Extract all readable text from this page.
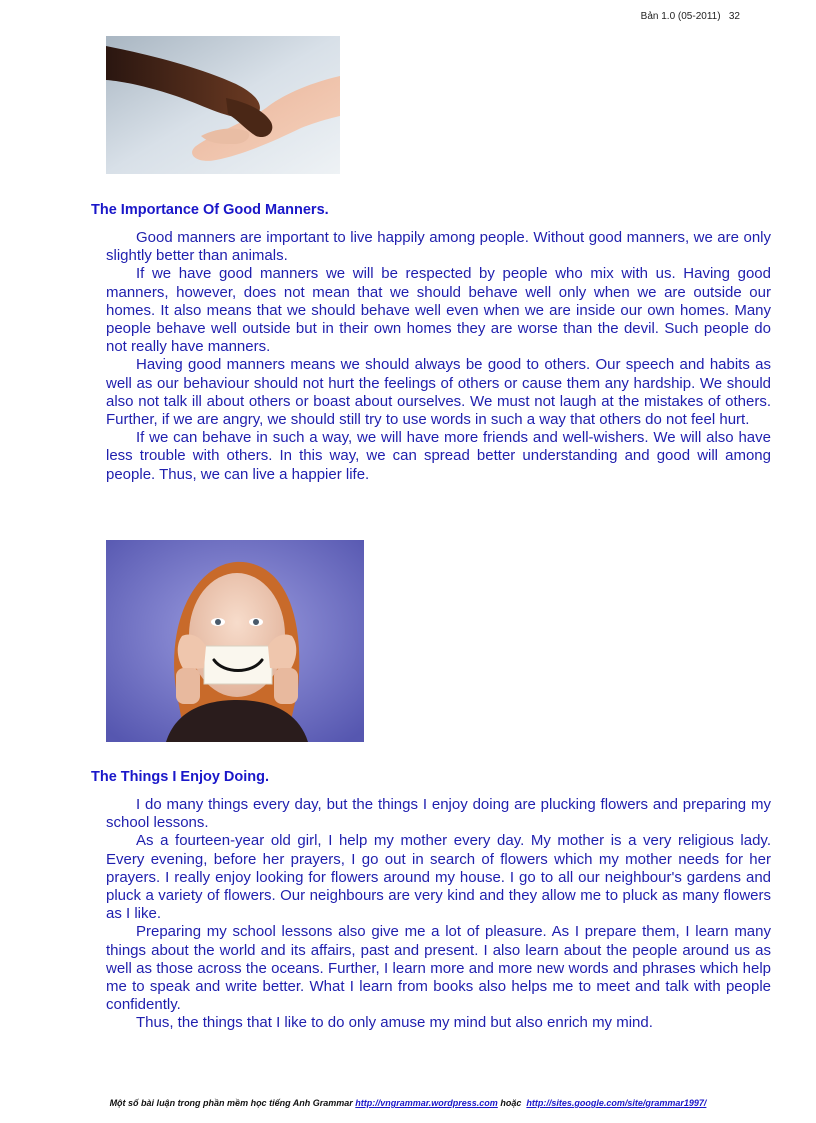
Bản 1.0 (05-2011) 32
The Importance Of Good Manners.

Good manners are important to live happily among people. Without good manners, we are only slightly better than animals.

If we have good manners we will be respected by people who mix with us. Having good manners, however, does not mean that we should behave well only when we are outside our homes. It also means that we should behave well even when we are inside our own homes. Many people behave well outside but in their own homes they are worse than the devil. Such people do not really have manners.

Having good manners means we should always be good to others. Our speech and habits as well as our behaviour should not hurt the feelings of others or cause them any hardship. We should also not talk ill about others or boast about ourselves. We must not laugh at the mistakes of others. Further, if we are angry, we should still try to use words in such a way that others do not feel hurt.

If we can behave in such a way, we will have more friends and well-wishers. We will also have less trouble with others. In this way, we can spread better understanding and good will among people. Thus, we can live a happier life.

The Things I Enjoy Doing.

I do many things every day, but the things I enjoy doing are plucking flowers and preparing my school lessons.

As a fourteen-year old girl, I help my mother every day. My mother is a very religious lady. Every evening, before her prayers, I go out in search of flowers which my mother needs for her prayers. I really enjoy looking for flowers around my house. I go to all our neighbour's gardens and pluck a variety of flowers. Our neighbours are very kind and they allow me to pluck as many flowers as I like.

Preparing my school lessons also give me a lot of pleasure. As I prepare them, I learn many things about the world and its affairs, past and present. I also learn about the people around us as well as those across the oceans. Further, I learn more and more new words and phrases which help me to speak and write better. What I learn from books also helps me to meet and talk with people confidently.

Thus, the things that I like to do only amuse my mind but also enrich my mind.

Một số bài luận trong phần mềm học tiếng Anh Grammar http://vngrammar.wordpress.com hoặc http://sites.google.com/site/grammar1997/
